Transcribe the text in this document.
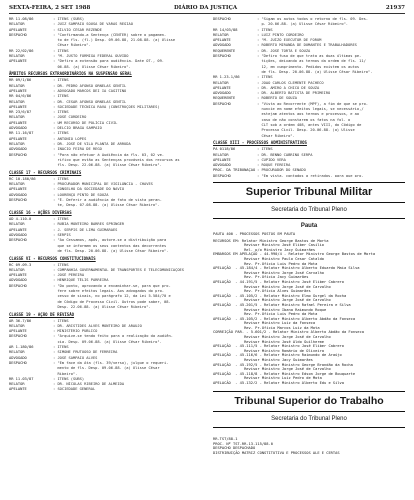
SEXTA-FEIRA, 2 SET 1988	DIÁRIO DA JUSTIÇA	21937
RR 11.08/86	: ITENS (SUBS)
RELATOR	: JUIZ SAMPAIO SOUSA DE VARAS REGIÃO
APELANTE	: SÍLVIO CÉSAR REZENDE
DESPACHO	: "Confirmando-a Sentença (CENTER) sobre o pagamen-
to de fls. (fl.) Desp. 09.06.88, 21.08.88. (a) Ulisse
César Ribeiro".
RR 22/02/86	: ITENS
RELATOR	: "M. JUSTO FORMIGA FEDERAL OUVIDO
APELANTE	: "Defiro a extensão para audiência. Date OT., 09.
06.88. (a) Ulisse César Ribeiro".
ÂMBITOS RECURSOS EXTRAORDINÁRIOS NA SUSPENSÃO GERAL
RR 09/1/86	: ITENS
RELATOR	: DR. PEDRO AFONSO ORNELAS GENTIL
APELANTE	: ADVOGADO MARCOS DEI IA CAGITINO
RR 04/6/86	: ITENS
RELATOR	: DR. CESAR AFONSO ORNELAS GENTIL
APELANTE	: SOCIEDADE TÉCNICA RAVA (CONSTRUÇÕES MILITARES)
RR 23/6/87	: ITENS
RELATOR	: JOSÉ CORDEIRO
APELANTE	: UM RECURSO DE POLÍCIA CIVIL
ADVOGADO	: DELCIO BRAGA SAMPAIO
RR 11.16/87	: ITENS
APELANTE	: ANTÔNIO LOPES
RELATOR	: DR. JOSÉ DE VILA PLANTA DE ARRUDA
ADVOGADO	: INÁCIO FEIRA DE REGO
DESPACHO	: "Para não efetuar à Audiência da fls. 03, 02 ve-
rifico que estão as Sentenças prováveis dos recursos as
fls. Desp. 22.06.88. (a) Ulisse César Ribeiro".
CLASSE 17 - RECURSOS CRIMINAIS
RC 10.180/86	: ITENS
RELATOR	: PROCURADOR MUNICIPAL DE VIGILÂNCIA - CHAVES
APELANTE	: CONSELHO DA SOCIEDADE DO NAVIO
ADVOGADO	: LOURENÇO PINTO DE SOUZA
DESPACHO	: "É. Deferir a audiência de fato de vista peran-
te, Desp. 07.08.88. (a) Ulisse César Ribeiro".
CLASSE 16 - AÇÕES DIVERSAS
AD 4.110-0	: ITENS
RELATOR	: RÚBIA MONTEIRO BARRES SPRINGER
APELANTE	: J. SERPIS DE LIMA GUIMARÃES
ADVOGADO	: SERPIS
DESPACHO	: "Ao Cessamos, após, autore-se a distribuição para
que se informem os seus contentos das decorrentes
de fls. Desp. 20.06.88. (a) Ulisse César Ribeiro".
CLASSE VI - RECURSOS CONSTITUCIONAIS
RC 09.09-3	: ITENS
RELATOR	: COMPANHIA GOVERNAMENTAL DE TRANSPORTES E TELECOMUNICAÇÕES
APELANTE	: JOSÉ PEREIRA
ADVOGADO	: HENRIQUE TÉLIS PARREIRA
DESPACHO	: "Do ponto, aprovando a encaminhar-se, para que pro-
fere sobre efeitos legais. Aos advogados do pro-
cesso de sinais, no parágrafo 12, da Lei 5.584/70 e
de Código de Processo Civil. Outros pode saber, 08.
Desp. 22.06.88. (a) Ulisse César Ribeiro".
CLASSE 19 - AÇÃO DE REVISÃO
AR 36-7/86	: ITENS
RELATOR	: DR. ARISTIDES ALVES MONTEIRO DE ARAÚJO
APELANTE	: MINISTÉRIO PÚBLICO
DESPACHO	: "Arquive-se tendo feito para a realização da audiên-
cia. Desp. 09.06.88. (a) Ulisse César Ribeiro".
AR 1.180/86	: ITENS
RELATOR	: SIMONE FRUTUOSO DE FERREIRA
ADVOGADO	: JOSÉ SAMPAIO ALVES
DESPACHO	: "Em face da Ata (fls. 39/verso), julgue o requeri-
mento de fls. Desp. 09.06.88. (a) Ulisse César
Ribeiro".
RR 11.03/87	: ITENS (SUBS)
RELATOR	: DR. NÍCOLAS RIBEIRO DE ALMEIDA
APELANTE	: SOCIEDADE GENERAL
DESPACHO	: "Sigam os autos todos o retorno de fls. 09. Des-
p. 20.06.88. (a) Ulisse César Ribeiro".
RR 14/03/88	: ITENS
RELATOR	: LUIZ PINTO CORDEIRO
APELANTE	: "M. JUÍZO EXECUTOR DE FÓRUM
ADVOGADO	: ROBERTO MIRANDA DE DUMANTES E TRABALHADORES
REQUERENTE	: DR. JOSÉ TORTA E SOUZA
DESPACHO	: "Defiro fuso de que trata as duas últimas pe-
tições, deixando as termos da ordem de fls. 11/
12, em cumprimento. Pedidos existem os autos
de fls. Desp. 20.06.88. (a) Ulisse César Ribeiro".
RR 1.23-1/86	: ITENS
RELATOR	: JOÃO CARLOS CLEMENTE PACHECO
APELANTE	: DR. AMIRO A CHICO DE SOUZA
ADVOGADO	: DR. ALBERTO BATISTA DE PRIMEIRO
REQUERENTE	: ROBERTO DE SOUZA
DESPACHO	: "Vista ao Recorrente (MPF), a fim de que se pro-
nuncie em nome efeitos legais, se necessário,/
estejam atentos aos termos e processos, e ao
caso de não constarem os fatos na fol. o
CLT sob a ordem 408, antes VIII, do Código de
Processo Civil. Desp. 20.06.88. (a) Ulisse
César Ribeiro".
CLASSE XIII - PROCESSOS ADMINISTRATIVOS
PA 0118/86	: ITENS
RELATOR	: DR. BENNO CABRINO SERPA
APELANTE	: CUPIDO VERA
ADVOGADO	: ROQUE FEREIRA
PROC. DA TRIBUNAÇÃO : PROCURADOR DO SENADO
DESPACHO	: "Em vista, contados a retirados, para que pro-
Superior Tribunal Militar
Secretaria do Tribunal Pleno
Pauta
PAUTA 400 - PROCESSOS POSTOS EM PAUTA
RECURSOS EM: Relator Ministro George Bastos de Morta
Revisor Ministro José Eliber Casilio
Rel. p/o Ministro Jacy Guimarães
EMBARGOS EM APELAÇÃO - 44.990/4 - Relator Ministro George Bastos de Morta
Revisor Ministro Paulo Cesar Cataldo
Rev. Pr.Ofício Luis Pedro da Mota
APELAÇÃO  - 45.184/4 - Relator Ministro Alberto Eduardo Maia Silva
Revisor Ministro Jorge José Carvalho
Rev. Pr.Ofício Jacy Guimarães
APELAÇÃO  - 44.191/5 - Relator Ministro José Eliber Cabrero
Revisor Ministro Jorge José de Carvalho
Rev. Pr.Ofício Alves Guimarães
APELAÇÃO  - 45.105/2 - Relator Ministro Elmo Gurgel da Rocha
Revisor Ministro Jorge José de Carvalho
APELAÇÃO  - 45.201/5 - Relator Ministro Rafael Pereira e Silva
Revisor Ministro Ibana Raimundo Roque
Rev. Pr.Ofício Luis Pedro da Mota
APELAÇÃO  - 45.105/2 - Relator Ministro Alberto Abdão da Fonseca
Revisor Ministro Luiz da Fonseca
Rev. Pr.Ofício Marcos Luiz da Mota
CORREIÇÃO PAR. - 5.601/2 - Relator Ministro Alberto Abdão da Fonseca
Revisor Ministro Jorge José de Carvalho
Revisor Ministro José Aldo Guilherme
APELAÇÃO  - 45.111/5 - Relator Ministro José Eliber Cabrero
Revisor Ministro Romário de Oliveira
APELAÇÃO  - 45.116/6 - Relator Ministro Raimundo de Araújo
Revisor Ministro Jacy Guimarães
APELAÇÃO  - 45.192/5 - Relator Ministro George Brandão da Rocha
Revisor Ministro Jorge José de Carvalho
APELAÇÃO  - 45.118/8 - Relator Ministro Edson Jorge de Bouquarte
Revisor Ministro Luiz Pedro de Mota
APELAÇÃO  - 45.132/2 - Relator Ministro Alberto Edu e Silva
Tribunal Superior do Trabalho
Secretaria do Tribunal Pleno
RR-TST/88-1
PROC. Nº TST-RR-13.115/88.0
DESPACHO DESPACHADO
DISTRIBUIÇÃO MATRIZ CONSTITUTIVA E PROCESSOS ALE E CERTAS
